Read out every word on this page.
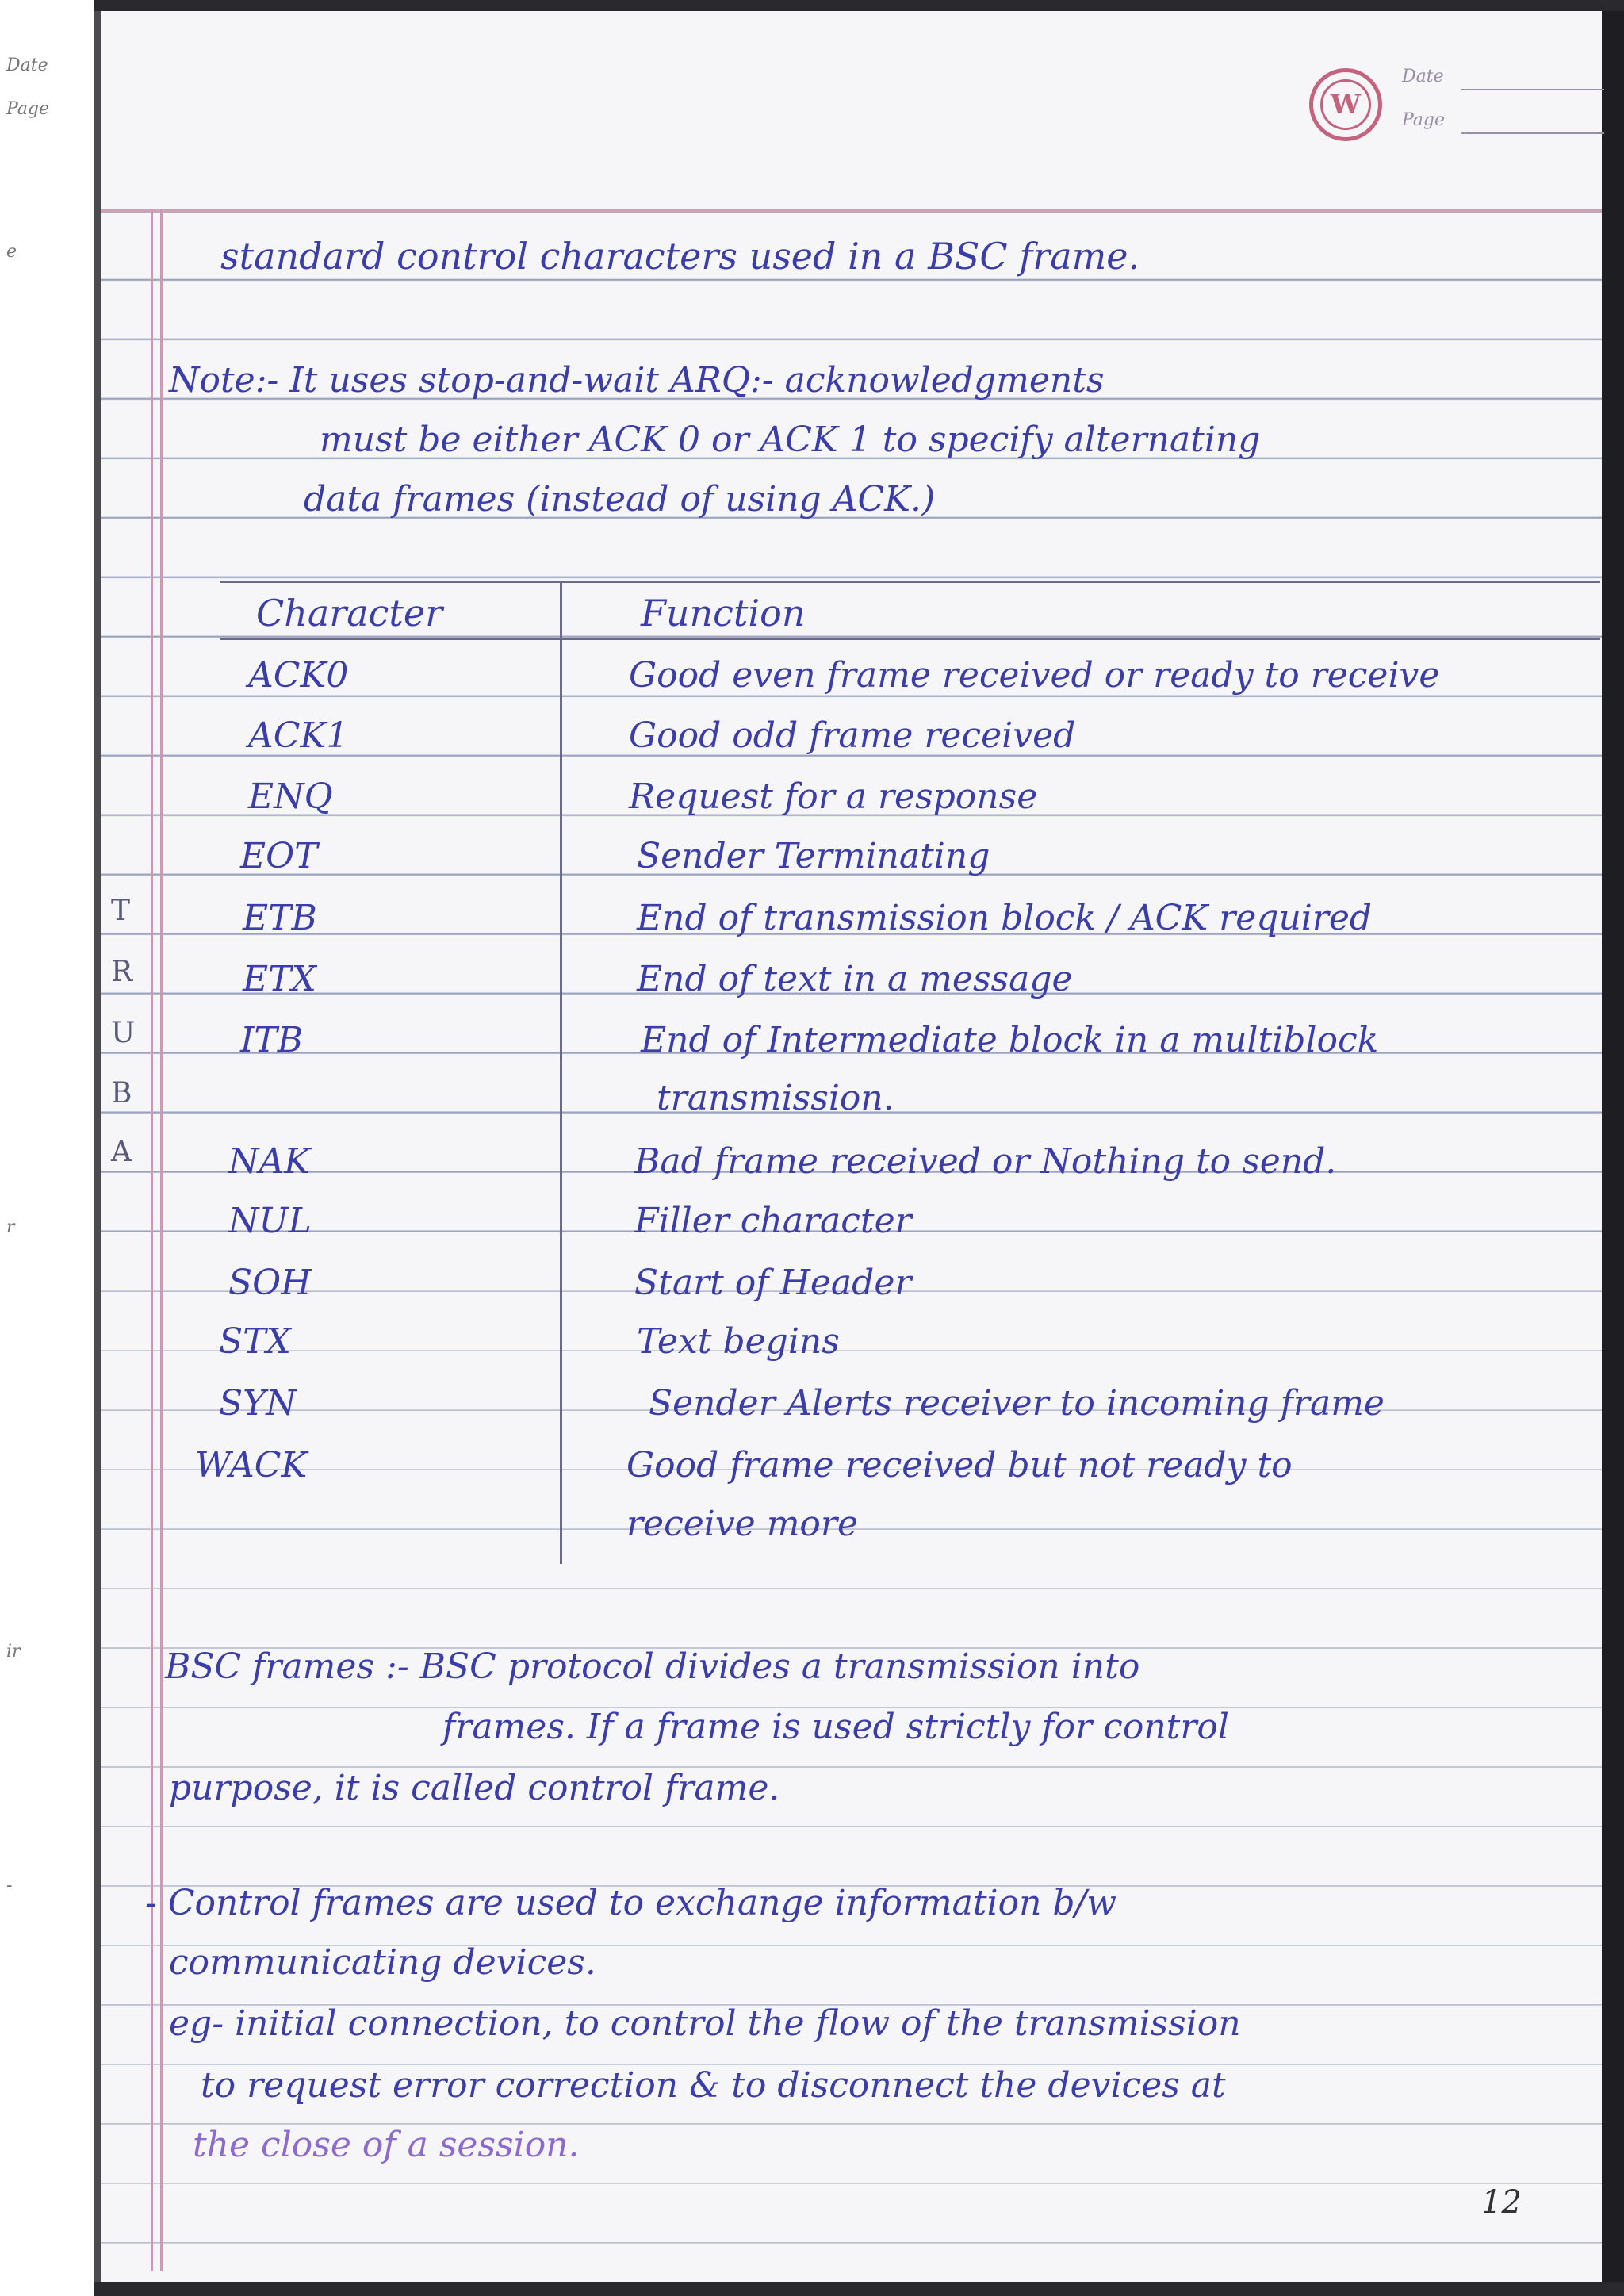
Date
Page
e
r
ir
-
W
Date
Page
standard control characters used in a BSC frame.
Note:- It uses stop-and-wait ARQ:- acknowledgments
must be either ACK 0 or ACK 1 to specify alternating
data frames (instead of using ACK.)
Character	Function
ACK0	Good even frame received or ready to receive
ACK1	Good odd frame received
ENQ	Request for a response
EOT	Sender Terminating
ETB	End of transmission block / ACK required
ETX	End of text in a message
ITB	End of Intermediate block in a multiblock
transmission.
NAK	Bad frame received or Nothing to send.
NUL	Filler character
SOH	Start of Header
STX	Text begins
SYN	Sender Alerts receiver to incoming frame
WACK	Good frame received but not ready to
receive more
BSC frames :- BSC protocol divides a transmission into
frames. If a frame is used strictly for control
purpose, it is called control frame.
- Control frames are used to exchange information b/w
communicating devices.
eg- initial connection, to control the flow of the transmission
to request error correction & to disconnect the devices at
the close of a session.
12
T
R
U
B
A
